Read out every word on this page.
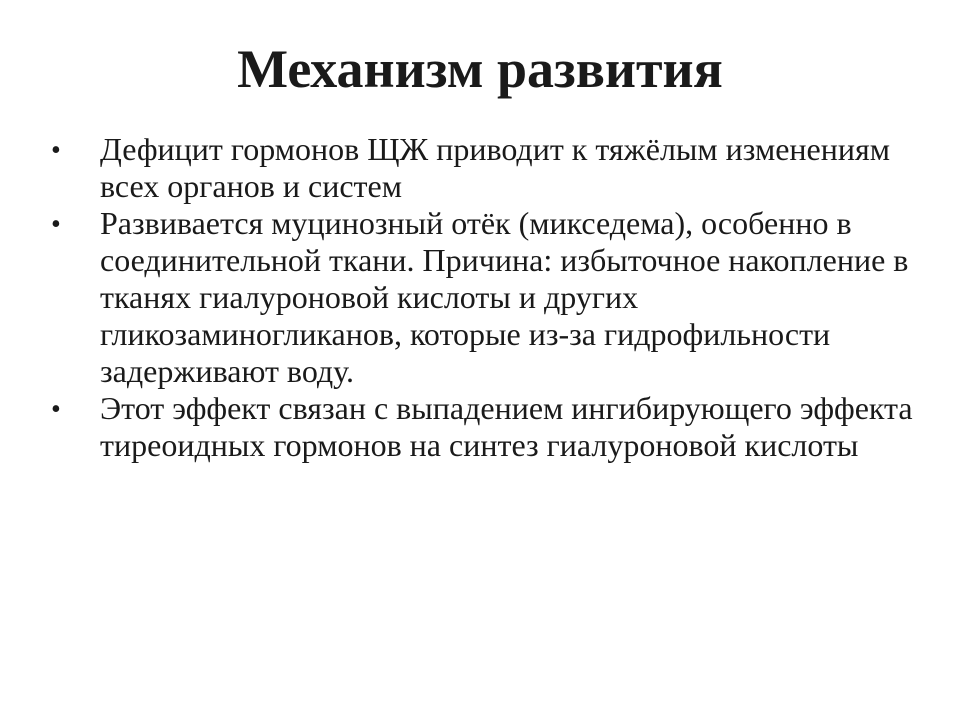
Механизм развития
• Дефицит гормонов ЩЖ приводит к тяжёлым изменениям всех органов и систем
• Развивается муцинозный отёк (микседема), особенно в соединительной ткани. Причина: избыточное накопление в тканях гиалуроновой кислоты и других гликозаминогликанов, которые из-за гидрофильности задерживают воду.
• Этот эффект связан с выпадением ингибирующего эффекта тиреоидных гормонов на синтез гиалуроновой кислоты
